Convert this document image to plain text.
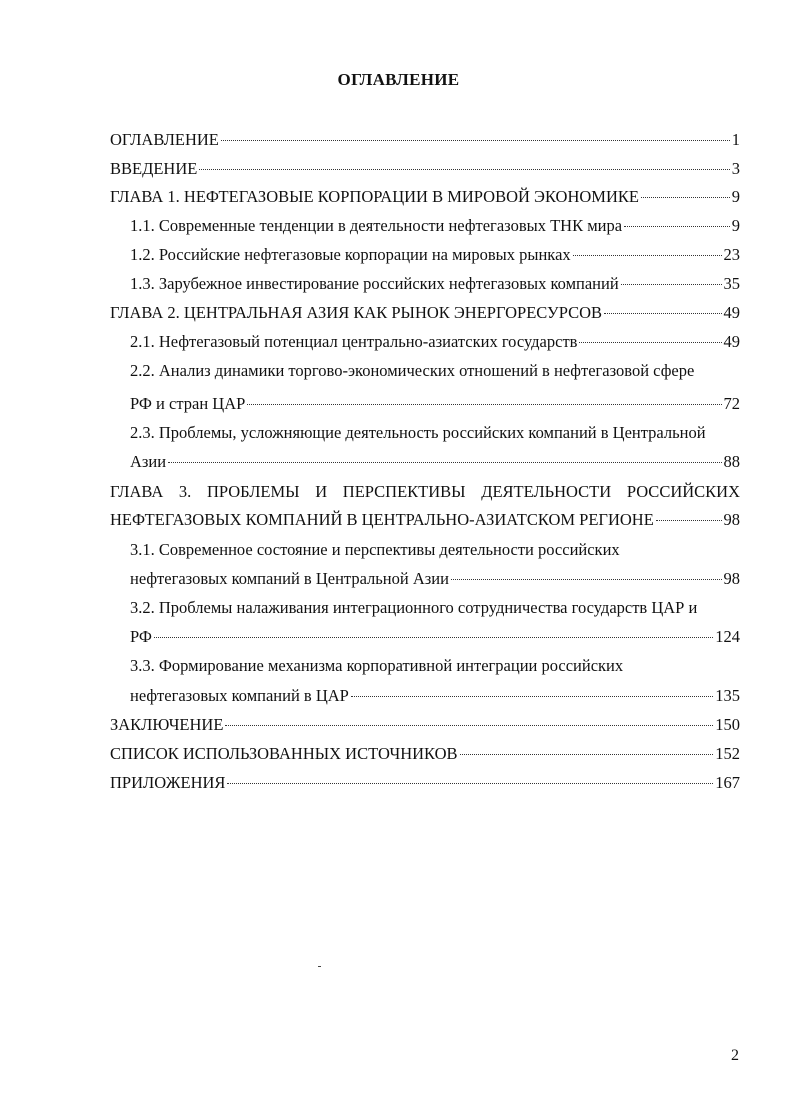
ОГЛАВЛЕНИЕ
ОГЛАВЛЕНИЕ	1
ВВЕДЕНИЕ	3
ГЛАВА 1. НЕФТЕГАЗОВЫЕ КОРПОРАЦИИ В МИРОВОЙ ЭКОНОМИКЕ	9
1.1. Современные тенденции в деятельности нефтегазовых ТНК мира	9
1.2. Российские нефтегазовые корпорации на мировых рынках	23
1.3. Зарубежное инвестирование российских нефтегазовых компаний	35
ГЛАВА 2. ЦЕНТРАЛЬНАЯ АЗИЯ КАК РЫНОК ЭНЕРГОРЕСУРСОВ	49
2.1. Нефтегазовый потенциал центрально-азиатских государств	49
2.2. Анализ динамики торгово-экономических отношений в нефтегазовой сфере
РФ и стран ЦАР	72
2.3. Проблемы, усложняющие деятельность российских компаний в Центральной
Азии	88
ГЛАВА 3. ПРОБЛЕМЫ И ПЕРСПЕКТИВЫ ДЕЯТЕЛЬНОСТИ РОССИЙСКИХ
НЕФТЕГАЗОВЫХ КОМПАНИЙ В ЦЕНТРАЛЬНО-АЗИАТСКОМ РЕГИОНЕ	98
3.1. Современное состояние и перспективы деятельности российских
нефтегазовых компаний в Центральной Азии	98
3.2. Проблемы налаживания интеграционного сотрудничества государств ЦАР и
РФ	124
3.3. Формирование механизма корпоративной интеграции российских
нефтегазовых компаний в ЦАР	135
ЗАКЛЮЧЕНИЕ	150
СПИСОК ИСПОЛЬЗОВАННЫХ ИСТОЧНИКОВ	152
ПРИЛОЖЕНИЯ	167
2
